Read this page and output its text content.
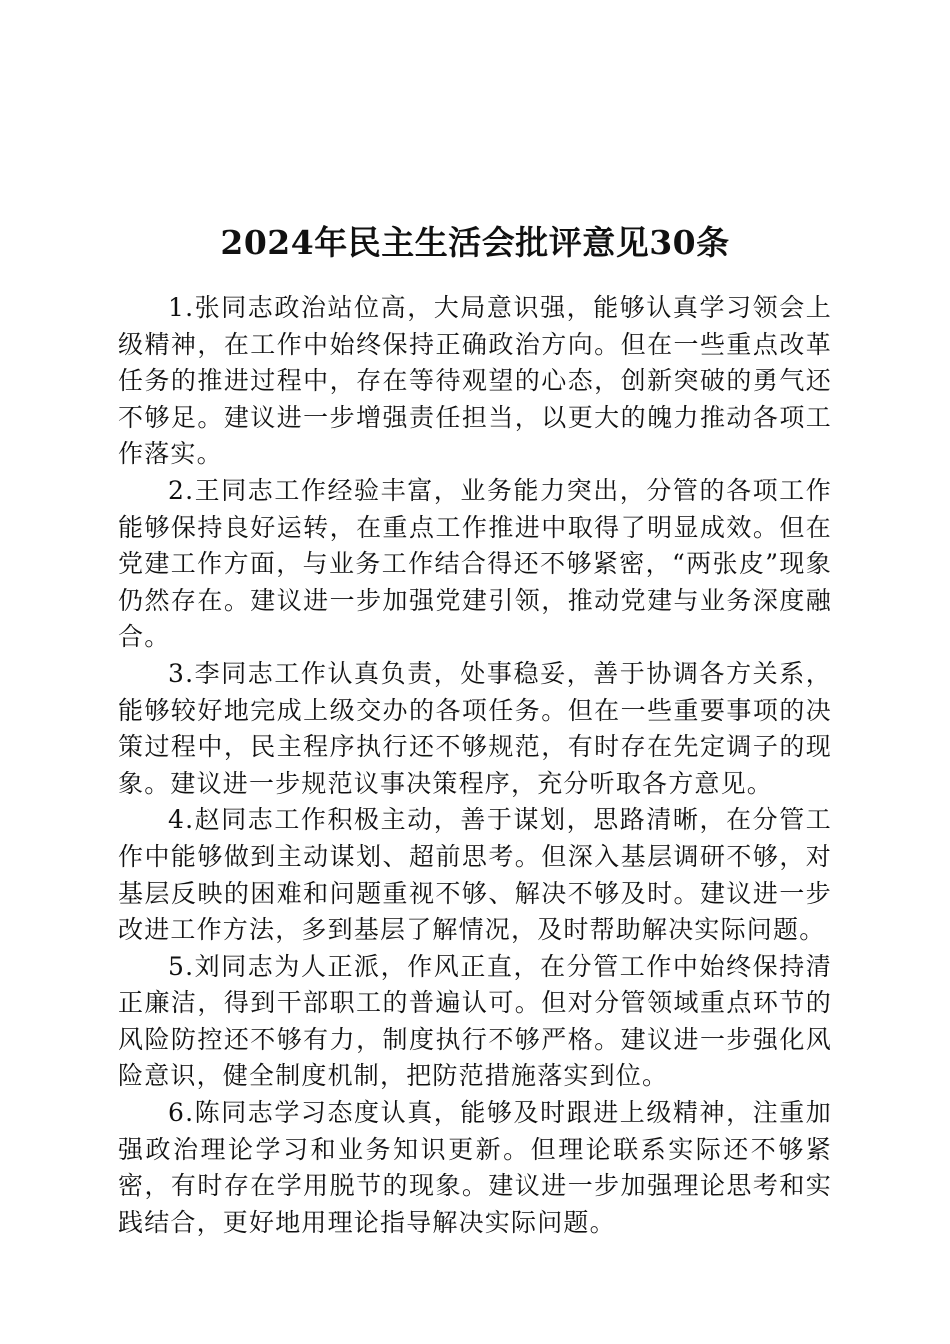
2024年民主生活会批评意见30条

1.张同志政治站位高，大局意识强，能够认真学习领会上级精神，在工作中始终保持正确政治方向。但在一些重点改革任务的推进过程中，存在等待观望的心态，创新突破的勇气还不够足。建议进一步增强责任担当，以更大的魄力推动各项工作落实。

2.王同志工作经验丰富，业务能力突出，分管的各项工作能够保持良好运转，在重点工作推进中取得了明显成效。但在党建工作方面，与业务工作结合得还不够紧密，“两张皮”现象仍然存在。建议进一步加强党建引领，推动党建与业务深度融合。

3.李同志工作认真负责，处事稳妥，善于协调各方关系，能够较好地完成上级交办的各项任务。但在一些重要事项的决策过程中，民主程序执行还不够规范，有时存在先定调子的现象。建议进一步规范议事决策程序，充分听取各方意见。

4.赵同志工作积极主动，善于谋划，思路清晰，在分管工作中能够做到主动谋划、超前思考。但深入基层调研不够，对基层反映的困难和问题重视不够、解决不够及时。建议进一步改进工作方法，多到基层了解情况，及时帮助解决实际问题。

5.刘同志为人正派，作风正直，在分管工作中始终保持清正廉洁，得到干部职工的普遍认可。但对分管领域重点环节的风险防控还不够有力，制度执行不够严格。建议进一步强化风险意识，健全制度机制，把防范措施落实到位。

6.陈同志学习态度认真，能够及时跟进上级精神，注重加强政治理论学习和业务知识更新。但理论联系实际还不够紧密，有时存在学用脱节的现象。建议进一步加强理论思考和实践结合，更好地用理论指导解决实际问题。
